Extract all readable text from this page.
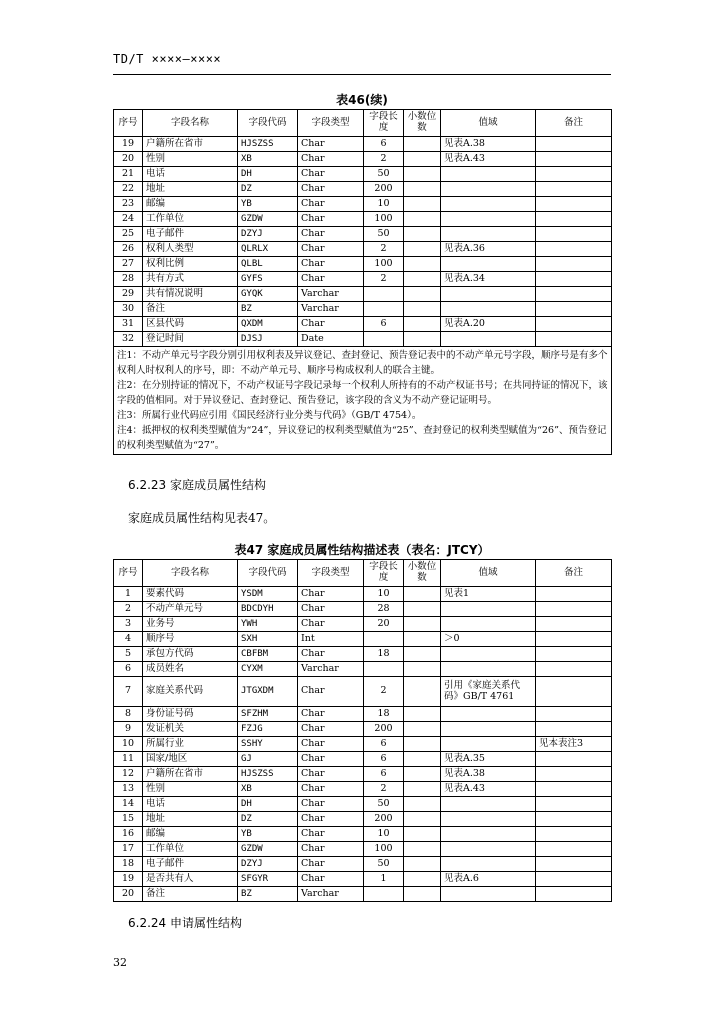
TD/T ××××—××××
表46(续)
序号	字段名称	字段代码	字段类型	字段长度	小数位数	值域	备注
19	户籍所在省市	HJSZSS	Char	6		见表A.38	
20	性别	XB	Char	2		见表A.43	
21	电话	DH	Char	50			
22	地址	DZ	Char	200			
23	邮编	YB	Char	10			
24	工作单位	GZDW	Char	100			
25	电子邮件	DZYJ	Char	50			
26	权利人类型	QLRLX	Char	2		见表A.36	
27	权利比例	QLBL	Char	100			
28	共有方式	GYFS	Char	2		见表A.34	
29	共有情况说明	GYQK	Varchar				
30	备注	BZ	Varchar				
31	区县代码	QXDM	Char	6		见表A.20	
32	登记时间	DJSJ	Date				
注1：不动产单元号字段分别引用权利表及异议登记、查封登记、预告登记表中的不动产单元号字段，顺序号是有多个权利人时权利人的序号，即：不动产单元号、顺序号构成权利人的联合主键。
注2：在分别持证的情况下，不动产权证号字段记录每一个权利人所持有的不动产权证书号；在共同持证的情况下，该字段的值相同。对于异议登记、查封登记、预告登记，该字段的含义为不动产登记证明号。
注3：所属行业代码应引用《国民经济行业分类与代码》（GB/T 4754）。
注4：抵押权的权利类型赋值为“24”，异议登记的权利类型赋值为“25”、查封登记的权利类型赋值为“26”、预告登记的权利类型赋值为“27”。							
6.2.23 家庭成员属性结构
家庭成员属性结构见表47。
表47 家庭成员属性结构描述表（表名：JTCY）
序号	字段名称	字段代码	字段类型	字段长度	小数位数	值域	备注
1	要素代码	YSDM	Char	10		见表1	
2	不动产单元号	BDCDYH	Char	28			
3	业务号	YWH	Char	20			
4	顺序号	SXH	Int			＞0	
5	承包方代码	CBFBM	Char	18			
6	成员姓名	CYXM	Varchar				
7	家庭关系代码	JTGXDM	Char	2		引用《家庭关系代码》GB/T 4761	
8	身份证号码	SFZHM	Char	18			
9	发证机关	FZJG	Char	200			
10	所属行业	SSHY	Char	6			见本表注3
11	国家/地区	GJ	Char	6		见表A.35	
12	户籍所在省市	HJSZSS	Char	6		见表A.38	
13	性别	XB	Char	2		见表A.43	
14	电话	DH	Char	50			
15	地址	DZ	Char	200			
16	邮编	YB	Char	10			
17	工作单位	GZDW	Char	100			
18	电子邮件	DZYJ	Char	50			
19	是否共有人	SFGYR	Char	1		见表A.6	
20	备注	BZ	Varchar				
6.2.24 申请属性结构
32
